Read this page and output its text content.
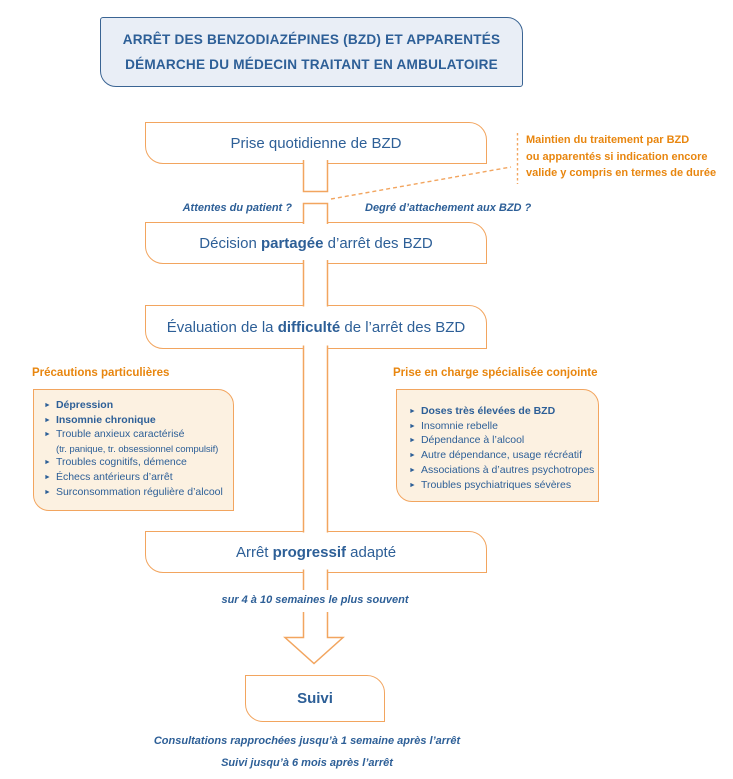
ARRÊT DES BENZODIAZÉPINES (BZD) ET APPARENTÉS
DÉMARCHE DU MÉDECIN TRAITANT EN AMBULATOIRE
Prise quotidienne de BZD
Décision partagée d’arrêt des BZD
Évaluation de la difficulté de l’arrêt des BZD
Arrêt progressif adapté
Suivi
Maintien du traitement par BZD
ou apparentés si indication encore
valide y compris en termes de durée
Attentes du patient ?	Degré d’attachement aux BZD ?
Précautions particulières
► Dépression
► Insomnie chronique
► Trouble anxieux caractérisé
(tr. panique, tr. obsessionnel compulsif)
► Troubles cognitifs, démence
► Échecs antérieurs d’arrêt
► Surconsommation régulière d’alcool
Prise en charge spécialisée conjointe
► Doses très élevées de BZD
► Insomnie rebelle
► Dépendance à l’alcool
► Autre dépendance, usage récréatif
► Associations à d’autres psychotropes
► Troubles psychiatriques sévères
sur 4 à 10 semaines le plus souvent
Consultations rapprochées jusqu’à 1 semaine après l’arrêt
Suivi jusqu’à 6 mois après l’arrêt
